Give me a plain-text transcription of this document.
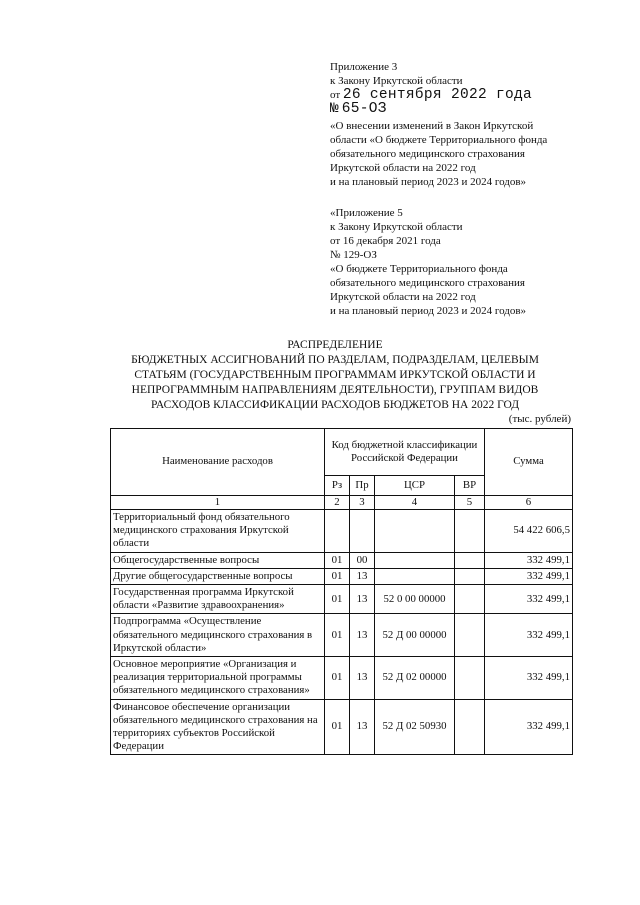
Приложение 3
к Закону Иркутской области
от 26 сентября 2022 года
№ 65-ОЗ
«О внесении изменений в Закон Иркутской
области «О бюджете Территориального фонда
обязательного медицинского страхования
Иркутской области на 2022 год
и на плановый период 2023 и 2024 годов»
«Приложение 5
к Закону Иркутской области
от 16 декабря 2021 года
№ 129-ОЗ
«О бюджете Территориального фонда
обязательного медицинского страхования
Иркутской области на 2022 год
и на плановый период 2023 и 2024 годов»
РАСПРЕДЕЛЕНИЕ
БЮДЖЕТНЫХ АССИГНОВАНИЙ ПО РАЗДЕЛАМ, ПОДРАЗДЕЛАМ, ЦЕЛЕВЫМ
СТАТЬЯМ (ГОСУДАРСТВЕННЫМ ПРОГРАММАМ ИРКУТСКОЙ ОБЛАСТИ И
НЕПРОГРАММНЫМ НАПРАВЛЕНИЯМ ДЕЯТЕЛЬНОСТИ), ГРУППАМ ВИДОВ
РАСХОДОВ КЛАССИФИКАЦИИ РАСХОДОВ БЮДЖЕТОВ НА 2022 ГОД
(тыс. рублей)
Наименование расходов	Код бюджетной классификации Российской Федерации				Сумма
	Рз	Пр	ЦСР	ВР	
1	2	3	4	5	6
Территориальный фонд обязательного медицинского страхования Иркутской области					54 422 606,5
Общегосударственные вопросы	01	00			332 499,1
Другие общегосударственные вопросы	01	13			332 499,1
Государственная программа Иркутской области «Развитие здравоохранения»	01	13	52 0 00 00000		332 499,1
Подпрограмма «Осуществление обязательного медицинского страхования в Иркутской области»	01	13	52 Д 00 00000		332 499,1
Основное мероприятие «Организация и реализация территориальной программы обязательного медицинского страхования»	01	13	52 Д 02 00000		332 499,1
Финансовое обеспечение организации обязательного медицинского страхования на территориях субъектов Российской Федерации	01	13	52 Д 02 50930		332 499,1
